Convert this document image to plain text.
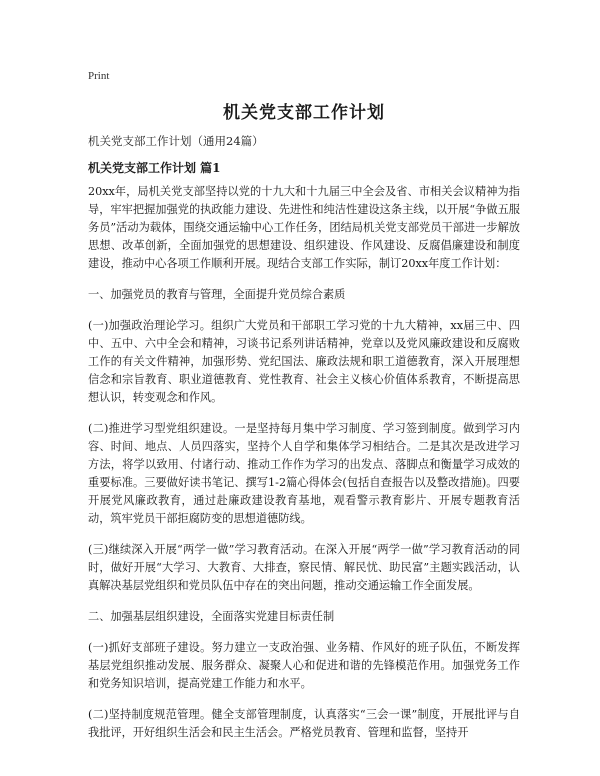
Print
机关党支部工作计划
机关党支部工作计划（通用24篇）
机关党支部工作计划 篇1

20xx年，局机关党支部坚持以党的十九大和十九届三中全会及省、市相关会议精神为指导，牢牢把握加强党的执政能力建设、先进性和纯洁性建设这条主线，以开展“争做五服务员”活动为载体，围绕交通运输中心工作任务，团结局机关党支部党员干部进一步解放思想、改革创新，全面加强党的思想建设、组织建设、作风建设、反腐倡廉建设和制度建设，推动中心各项工作顺利开展。现结合支部工作实际，制订20xx年度工作计划：

一、加强党员的教育与管理，全面提升党员综合素质

(一)加强政治理论学习。组织广大党员和干部职工学习党的十九大精神，xx届三中、四中、五中、六中全会和精神，习谈书记系列讲话精神，党章以及党风廉政建设和反腐败工作的有关文件精神，加强形势、党纪国法、廉政法规和职工道德教育，深入开展理想信念和宗旨教育、职业道德教育、党性教育、社会主义核心价值体系教育，不断提高思想认识，转变观念和作风。

(二)推进学习型党组织建设。一是坚持每月集中学习制度、学习签到制度。做到学习内容、时间、地点、人员四落实，坚持个人自学和集体学习相结合。二是其次是改进学习方法，将学以致用、付诸行动、推动工作作为学习的出发点、落脚点和衡量学习成效的重要标准。三要做好读书笔记、撰写1-2篇心得体会(包括自查报告以及整改措施)。四要开展党风廉政教育，通过赴廉政建设教育基地，观看警示教育影片、开展专题教育活动，筑牢党员干部拒腐防变的思想道德防线。

(三)继续深入开展“两学一做”学习教育活动。在深入开展“两学一做”学习教育活动的同时，做好开展“大学习、大教育、大排查，察民情、解民忧、助民富”主题实践活动，认真解决基层党组织和党员队伍中存在的突出问题，推动交通运输工作全面发展。

二、加强基层组织建设，全面落实党建目标责任制

(一)抓好支部班子建设。努力建立一支政治强、业务精、作风好的班子队伍，不断发挥基层党组织推动发展、服务群众、凝聚人心和促进和谐的先锋模范作用。加强党务工作和党务知识培训，提高党建工作能力和水平。

(二)坚持制度规范管理。健全支部管理制度，认真落实“三会一课”制度，开展批评与自我批评，开好组织生活会和民主生活会。严格党员教育、管理和监督，坚持开
